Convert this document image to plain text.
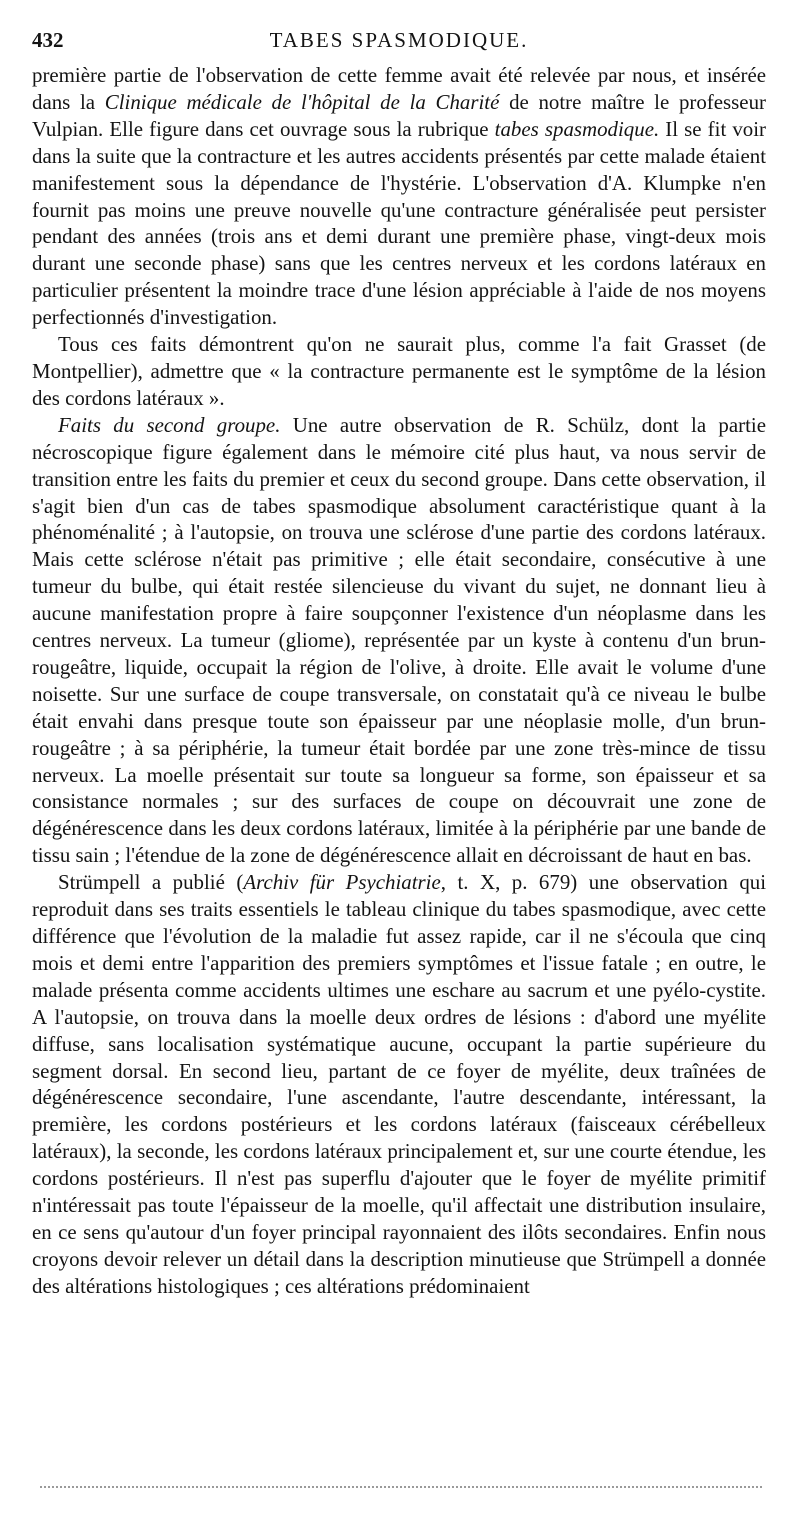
432	TABES SPASMODIQUE.

première partie de l'observation de cette femme avait été relevée par nous, et insérée dans la Clinique médicale de l'hôpital de la Charité de notre maître le professeur Vulpian. Elle figure dans cet ouvrage sous la rubrique tabes spasmodique. Il se fit voir dans la suite que la contracture et les autres accidents présentés par cette malade étaient manifestement sous la dépendance de l'hystérie. L'observation d'A. Klumpke n'en fournit pas moins une preuve nouvelle qu'une contracture généralisée peut persister pendant des années (trois ans et demi durant une première phase, vingt-deux mois durant une seconde phase) sans que les centres nerveux et les cordons latéraux en particulier présentent la moindre trace d'une lésion appréciable à l'aide de nos moyens perfectionnés d'investigation.

Tous ces faits démontrent qu'on ne saurait plus, comme l'a fait Grasset (de Montpellier), admettre que « la contracture permanente est le symptôme de la lésion des cordons latéraux ».

Faits du second groupe. Une autre observation de R. Schülz, dont la partie nécroscopique figure également dans le mémoire cité plus haut, va nous servir de transition entre les faits du premier et ceux du second groupe. Dans cette observation, il s'agit bien d'un cas de tabes spasmodique absolument caractéristique quant à la phénoménalité ; à l'autopsie, on trouva une sclérose d'une partie des cordons latéraux. Mais cette sclérose n'était pas primitive ; elle était secondaire, consécutive à une tumeur du bulbe, qui était restée silencieuse du vivant du sujet, ne donnant lieu à aucune manifestation propre à faire soupçonner l'existence d'un néoplasme dans les centres nerveux. La tumeur (gliome), représentée par un kyste à contenu d'un brun-rougeâtre, liquide, occupait la région de l'olive, à droite. Elle avait le volume d'une noisette. Sur une surface de coupe transversale, on constatait qu'à ce niveau le bulbe était envahi dans presque toute son épaisseur par une néoplasie molle, d'un brun-rougeâtre ; à sa périphérie, la tumeur était bordée par une zone très-mince de tissu nerveux. La moelle présentait sur toute sa longueur sa forme, son épaisseur et sa consistance normales ; sur des surfaces de coupe on découvrait une zone de dégénérescence dans les deux cordons latéraux, limitée à la périphérie par une bande de tissu sain ; l'étendue de la zone de dégénérescence allait en décroissant de haut en bas.

Strümpell a publié (Archiv für Psychiatrie, t. X, p. 679) une observation qui reproduit dans ses traits essentiels le tableau clinique du tabes spasmodique, avec cette différence que l'évolution de la maladie fut assez rapide, car il ne s'écoula que cinq mois et demi entre l'apparition des premiers symptômes et l'issue fatale ; en outre, le malade présenta comme accidents ultimes une eschare au sacrum et une pyélo-cystite. A l'autopsie, on trouva dans la moelle deux ordres de lésions : d'abord une myélite diffuse, sans localisation systématique aucune, occupant la partie supérieure du segment dorsal. En second lieu, partant de ce foyer de myélite, deux traînées de dégénérescence secondaire, l'une ascendante, l'autre descendante, intéressant, la première, les cordons postérieurs et les cordons latéraux (faisceaux cérébelleux latéraux), la seconde, les cordons latéraux principalement et, sur une courte étendue, les cordons postérieurs. Il n'est pas superflu d'ajouter que le foyer de myélite primitif n'intéressait pas toute l'épaisseur de la moelle, qu'il affectait une distribution insulaire, en ce sens qu'autour d'un foyer principal rayonnaient des ilôts secondaires. Enfin nous croyons devoir relever un détail dans la description minutieuse que Strümpell a donnée des altérations histologiques ; ces altérations prédominaient
